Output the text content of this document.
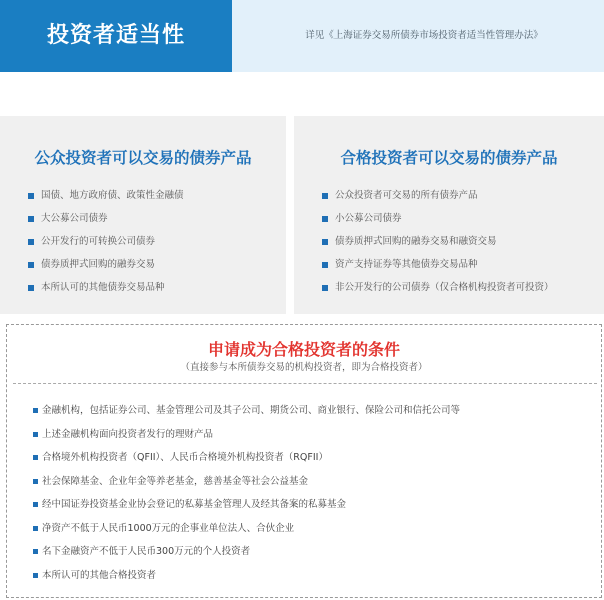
投资者适当性	详见《上海证券交易所债券市场投资者适当性管理办法》
公众投资者可以交易的债券产品
国债、地方政府债、政策性金融债
大公募公司债券
公开发行的可转换公司债券
债券质押式回购的融券交易
本所认可的其他债券交易品种
合格投资者可以交易的债券产品
公众投资者可交易的所有债券产品
小公募公司债券
债券质押式回购的融券交易和融资交易
资产支持证券等其他债券交易品种
非公开发行的公司债券（仅合格机构投资者可投资）
申请成为合格投资者的条件
（直接参与本所债券交易的机构投资者，即为合格投资者）
金融机构，包括证券公司、基金管理公司及其子公司、期货公司、商业银行、保险公司和信托公司等
上述金融机构面向投资者发行的理财产品
合格境外机构投资者（QFII）、人民币合格境外机构投资者（RQFII）
社会保障基金、企业年金等养老基金，慈善基金等社会公益基金
经中国证券投资基金业协会登记的私募基金管理人及经其备案的私募基金
净资产不低于人民币1000万元的企事业单位法人、合伙企业
名下金融资产不低于人民币300万元的个人投资者
本所认可的其他合格投资者
